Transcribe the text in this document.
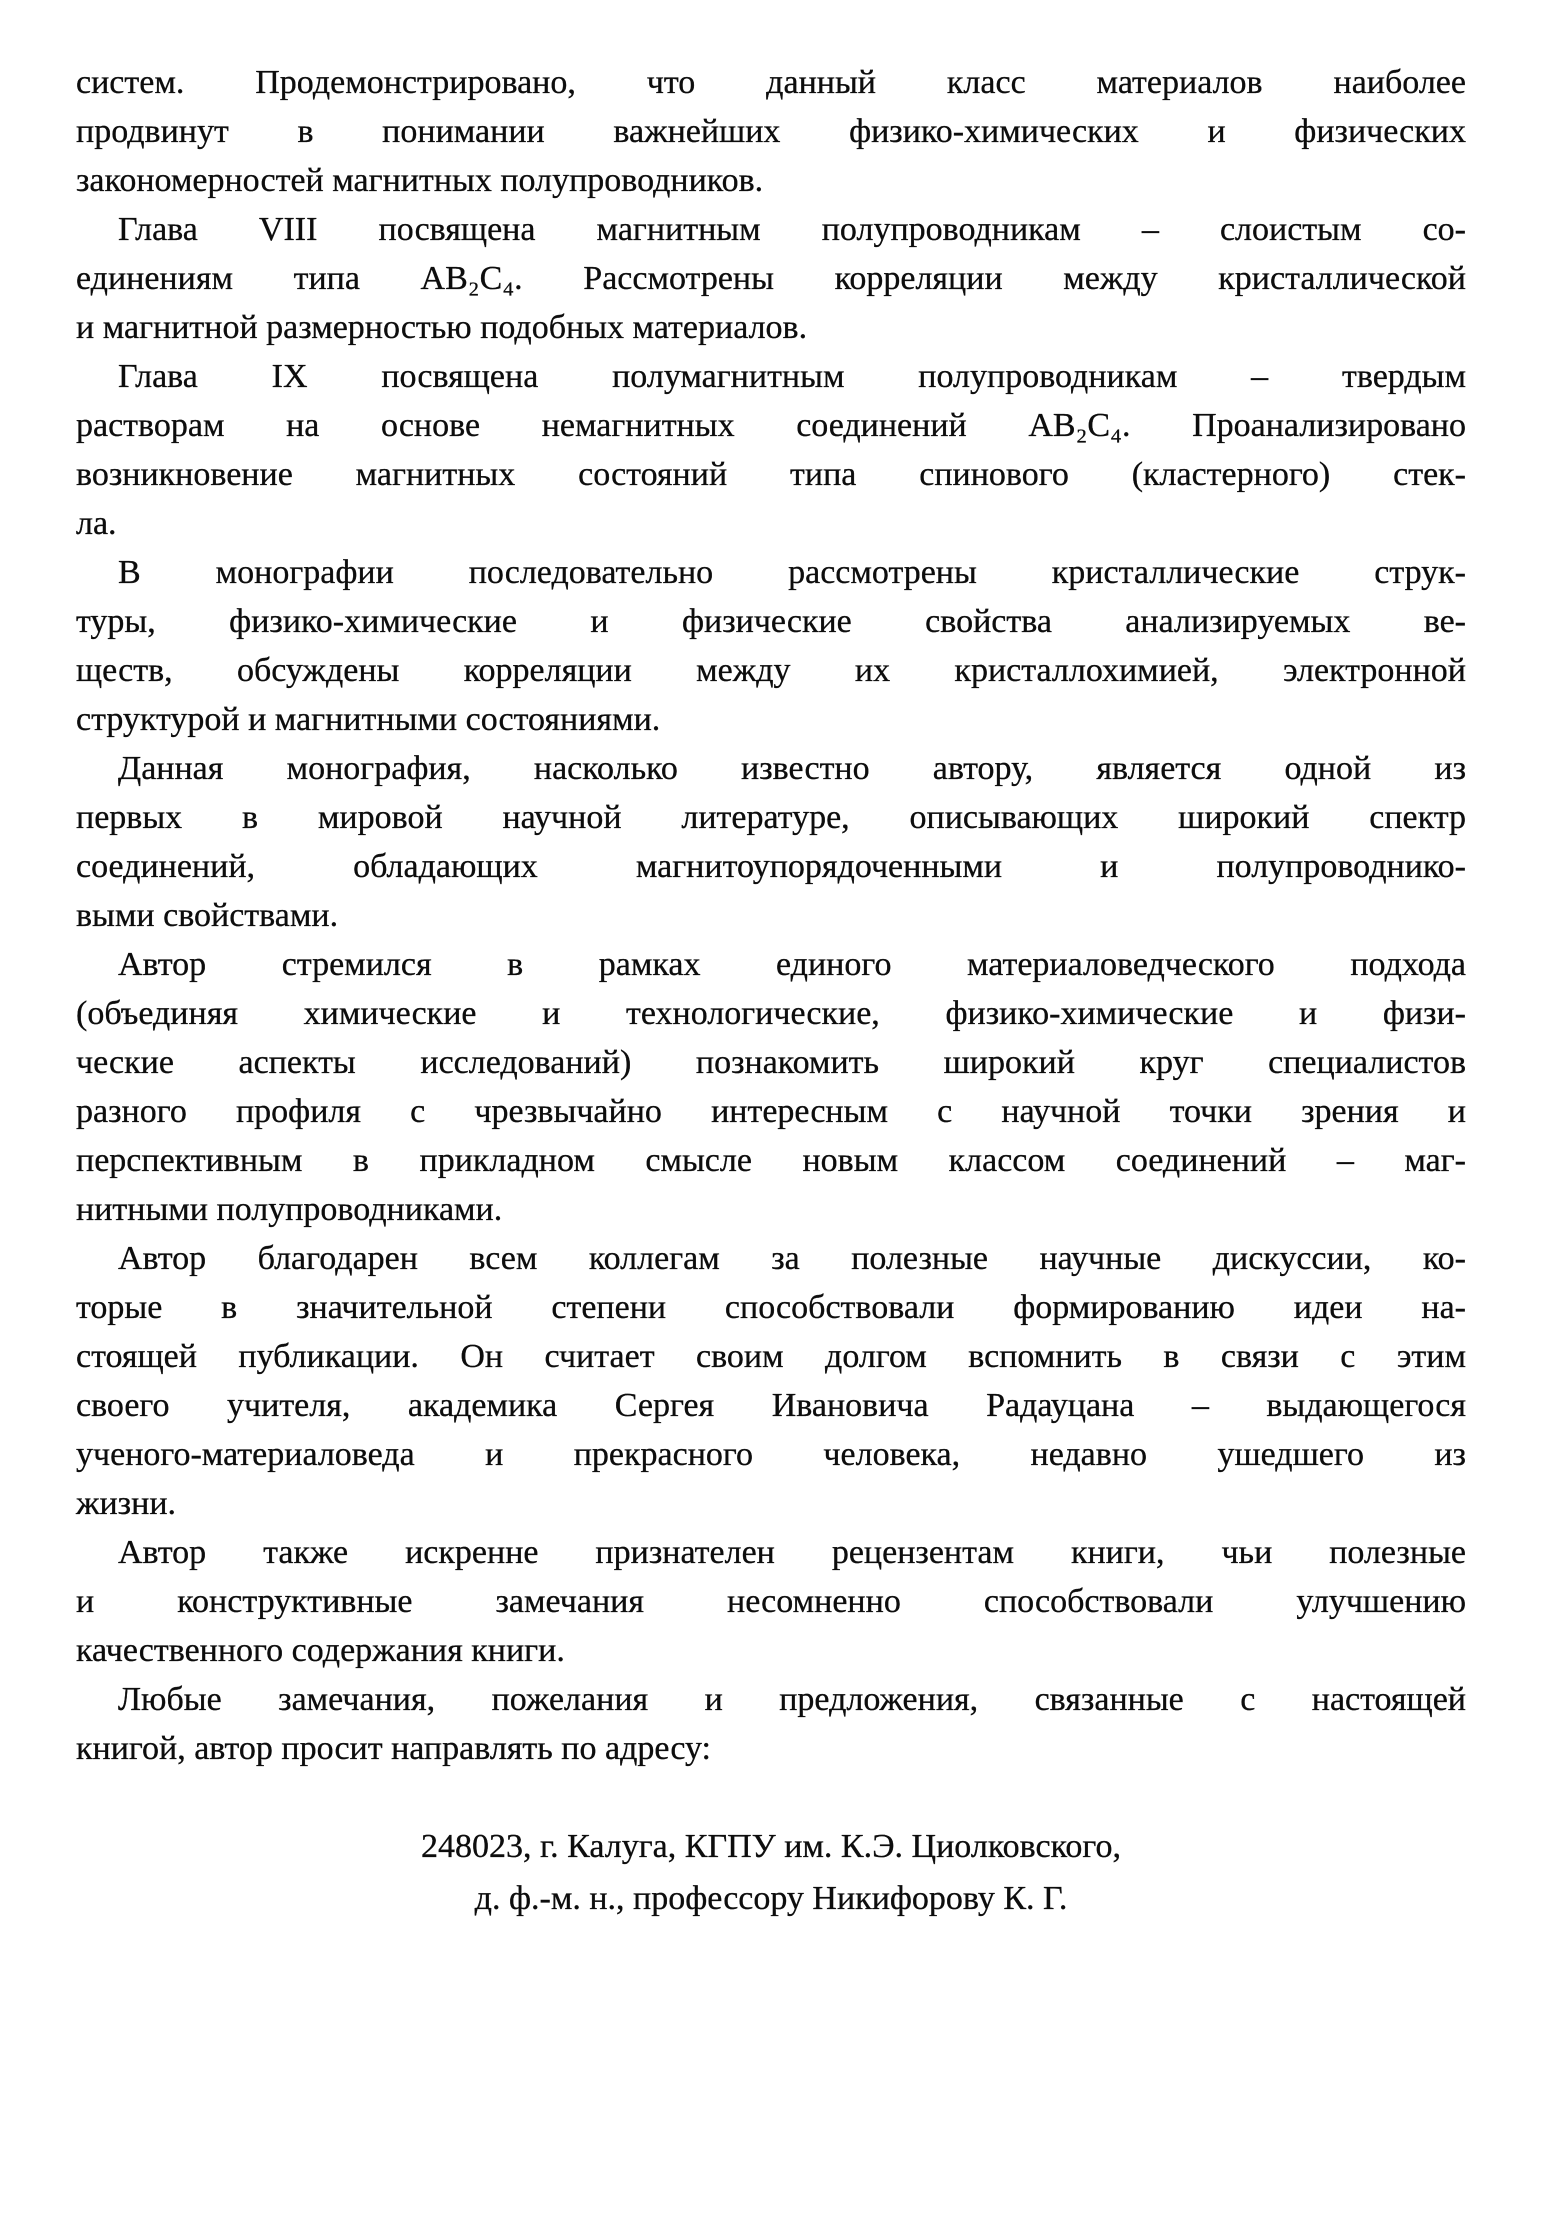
систем. Продемонстрировано, что данный класс материалов наиболее
продвинут в понимании важнейших физико-химических и физических
закономерностей магнитных полупроводников.
Глава VIII посвящена магнитным полупроводникам – слоистым со-
единениям типа AB₂C₄. Рассмотрены корреляции между кристаллической
и магнитной размерностью подобных материалов.
Глава IX посвящена полумагнитным полупроводникам – твердым
растворам на основе немагнитных соединений AB₂C₄. Проанализировано
возникновение магнитных состояний типа спинового (кластерного) стек-
ла.
В монографии последовательно рассмотрены кристаллические струк-
туры, физико-химические и физические свойства анализируемых ве-
ществ, обсуждены корреляции между их кристаллохимией, электронной
структурой и магнитными состояниями.
Данная монография, насколько известно автору, является одной из
первых в мировой научной литературе, описывающих широкий спектр
соединений, обладающих магнитоупорядоченными и полупроводнико-
выми свойствами.
Автор стремился в рамках единого материаловедческого подхода
(объединяя химические и технологические, физико-химические и физи-
ческие аспекты исследований) познакомить широкий круг специалистов
разного профиля с чрезвычайно интересным с научной точки зрения и
перспективным в прикладном смысле новым классом соединений – маг-
нитными полупроводниками.
Автор благодарен всем коллегам за полезные научные дискуссии, ко-
торые в значительной степени способствовали формированию идеи на-
стоящей публикации. Он считает своим долгом вспомнить в связи с этим
своего учителя, академика Сергея Ивановича Радауцана – выдающегося
ученого-материаловеда и прекрасного человека, недавно ушедшего из
жизни.
Автор также искренне признателен рецензентам книги, чьи полезные
и конструктивные замечания несомненно способствовали улучшению
качественного содержания книги.
Любые замечания, пожелания и предложения, связанные с настоящей
книгой, автор просит направлять по адресу:
248023, г. Калуга, КГПУ им. К.Э. Циолковского,
д. ф.-м. н., профессору Никифорову К. Г.
